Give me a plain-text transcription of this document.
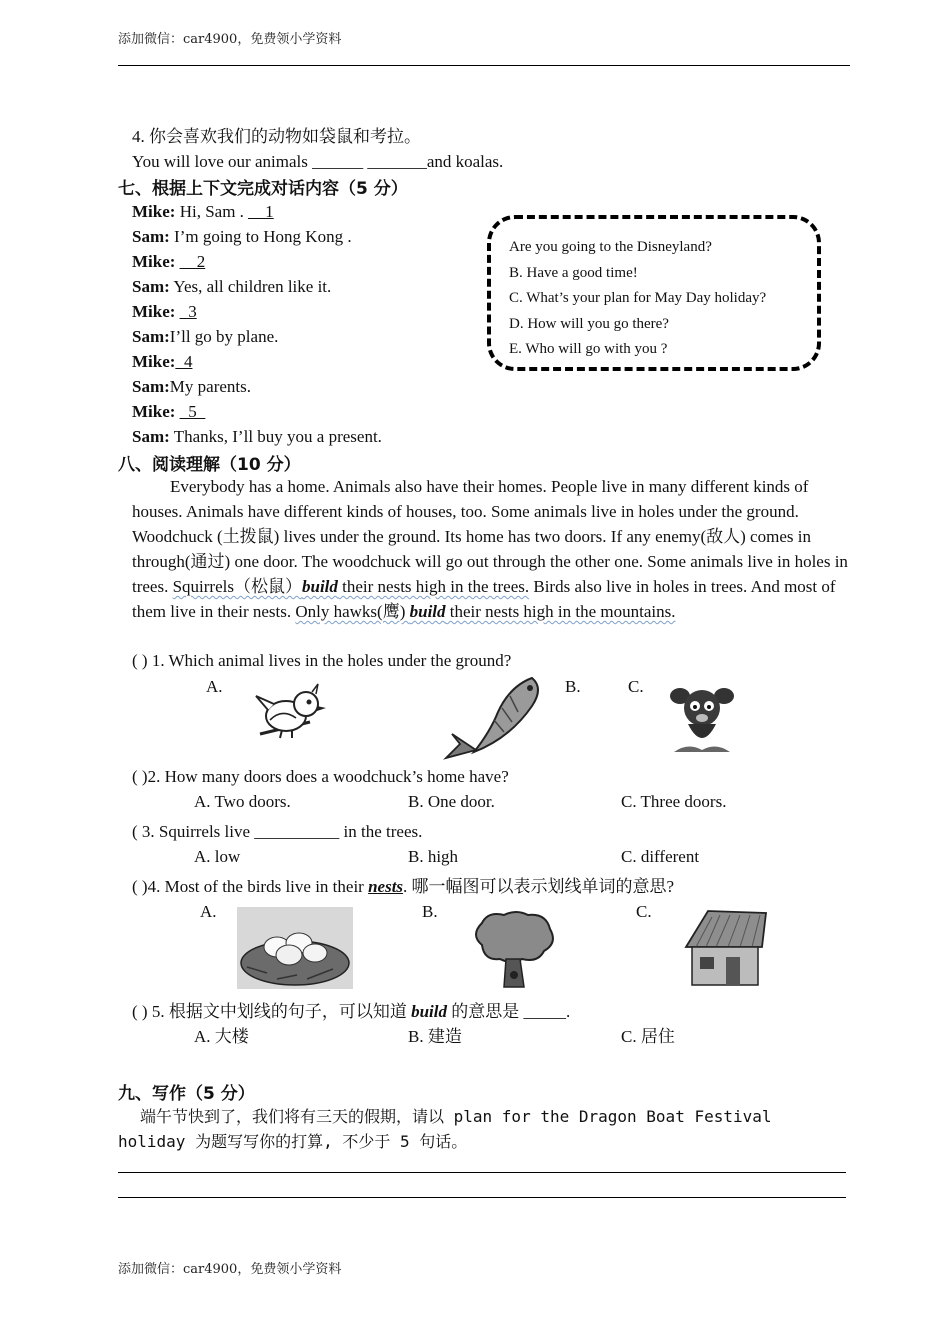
添加微信：car4900，免费领小学资料
4. 你会喜欢我们的动物如袋鼠和考拉。
You will love our animals ______ _______and koalas.
七、根据上下文完成对话内容（5 分）
Mike: Hi, Sam . __1
Sam: I’m going to Hong Kong .
Mike: __2
Sam: Yes, all children like it.
Mike: _3
Sam:I’ll go by plane.
Mike:_4
Sam:My parents.
Mike: _5_
Sam: Thanks, I’ll buy you a present.
Are you going to the Disneyland?
B. Have a good time!
C. What’s your plan for May Day holiday?
D. How will you go there?
E. Who will go with you ?
八、阅读理解（10 分）
Everybody has a home. Animals also have their homes. People live in many different kinds of houses. Animals have different kinds of houses, too. Some animals live in holes under the ground. Woodchuck (土拨鼠) lives under the ground. Its home has two doors. If any enemy(敌人) comes in through(通过) one door. The woodchuck will go out through the other one. Some animals live in holes in trees. Squirrels（松鼠）build their nests high in the trees. Birds also live in holes in trees. And most of them live in their nests. Only hawks(鹰) build their nests high in the mountains.
( ) 1. Which animal lives in the holes under the ground?
A.	B.	C.
( )2. How many doors does a woodchuck’s home have?
A. Two doors.	B. One door.	C. Three doors.
( 3. Squirrels live __________ in the trees.
A. low	B. high	C. different
( )4. Most of the birds live in their nests. 哪一幅图可以表示划线单词的意思?
A.	B.	C.
( ) 5. 根据文中划线的句子，可以知道 build 的意思是 _____.
A. 大楼	B. 建造	C. 居住
九、写作（5 分）
端午节快到了，我们将有三天的假期，请以 plan for the Dragon Boat Festival
holiday 为题写写你的打算, 不少于 5 句话。
添加微信：car4900，免费领小学资料
